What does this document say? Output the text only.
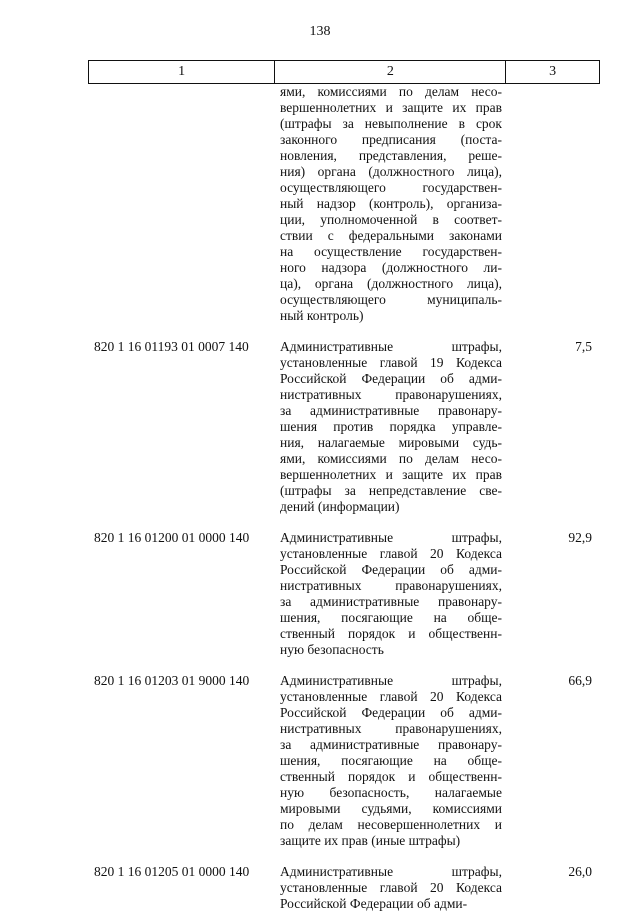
138
1	2	3
ями, комиссиями по делам несо-
вершеннолетних и защите их прав
(штрафы за невыполнение в срок
законного предписания (поста-
новления, представления, реше-
ния) органа (должностного лица),
осуществляющего государствен-
ный надзор (контроль), организа-
ции, уполномоченной в соответ-
ствии с федеральными законами
на осуществление государствен-
ного надзора (должностного ли-
ца), органа (должностного лица),
осуществляющего муниципаль-
ный контроль)
820 1 16 01193 01 0007 140	Административные штрафы,
установленные главой 19 Кодекса
Российской Федерации об адми-
нистративных правонарушениях,
за административные правонару-
шения против порядка управле-
ния, налагаемые мировыми судь-
ями, комиссиями по делам несо-
вершеннолетних и защите их прав
(штрафы за непредставление све-
дений (информации)
7,5
820 1 16 01200 01 0000 140	Административные штрафы,
установленные главой 20 Кодекса
Российской Федерации об адми-
нистративных правонарушениях,
за административные правонару-
шения, посягающие на обще-
ственный порядок и общественн-
ную безопасность
92,9
820 1 16 01203 01 9000 140	Административные штрафы,
установленные главой 20 Кодекса
Российской Федерации об адми-
нистративных правонарушениях,
за административные правонару-
шения, посягающие на обще-
ственный порядок и общественн-
ную безопасность, налагаемые
мировыми судьями, комиссиями
по делам несовершеннолетних и
защите их прав (иные штрафы)
66,9
820 1 16 01205 01 0000 140	Административные штрафы,
установленные главой 20 Кодекса
Российской Федерации об адми-
26,0
